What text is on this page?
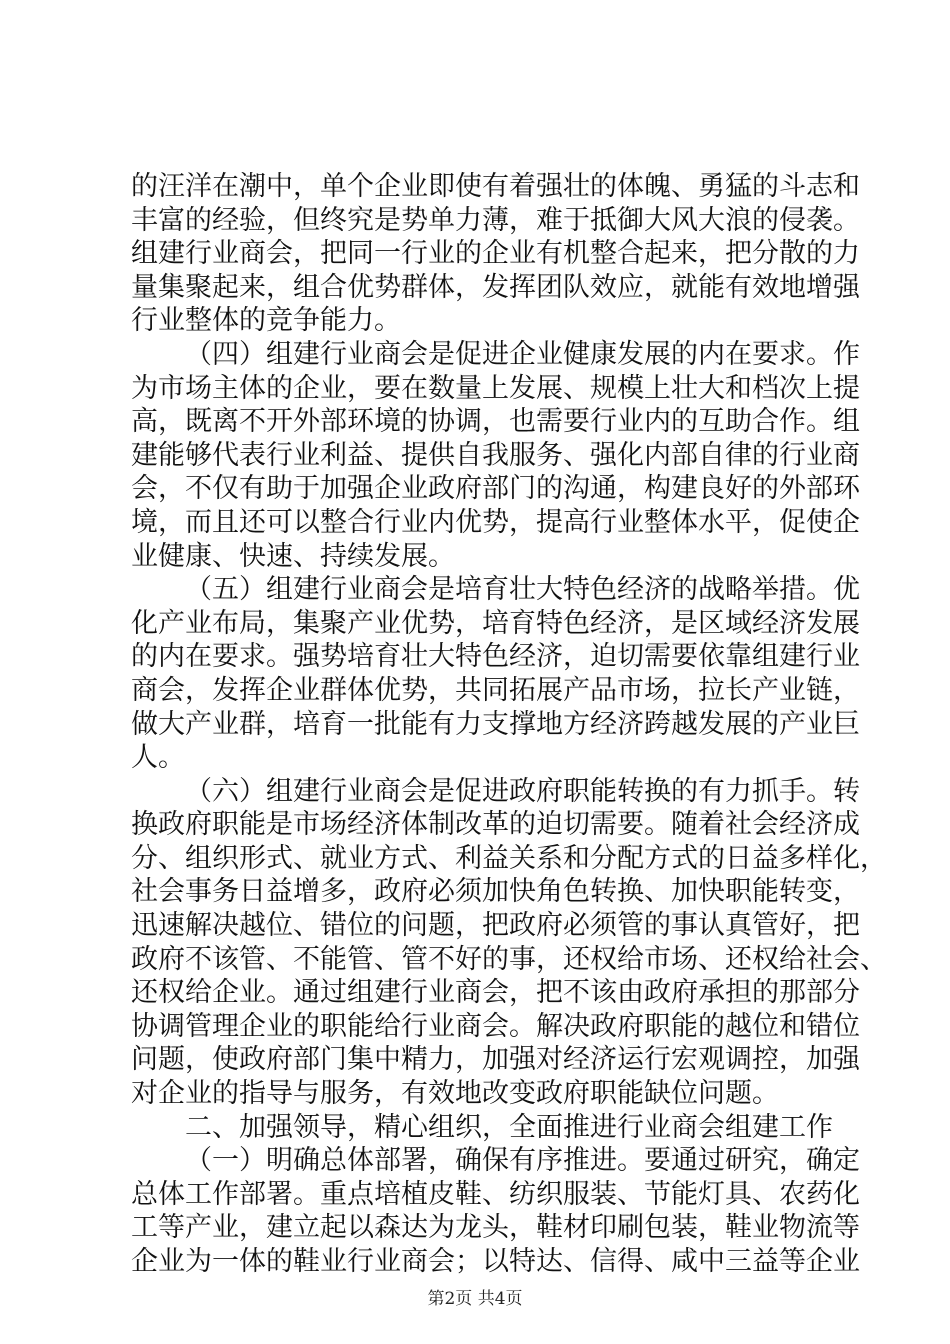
的汪洋在潮中，单个企业即使有着强壮的体魄、勇猛的斗志和
丰富的经验，但终究是势单力薄，难于抵御大风大浪的侵袭。
组建行业商会，把同一行业的企业有机整合起来，把分散的力
量集聚起来，组合优势群体，发挥团队效应，就能有效地增强
行业整体的竞争能力。
（四）组建行业商会是促进企业健康发展的内在要求。作
为市场主体的企业，要在数量上发展、规模上壮大和档次上提
高，既离不开外部环境的协调，也需要行业内的互助合作。组
建能够代表行业利益、提供自我服务、强化内部自律的行业商
会，不仅有助于加强企业政府部门的沟通，构建良好的外部环
境，而且还可以整合行业内优势，提高行业整体水平，促使企
业健康、快速、持续发展。
（五）组建行业商会是培育壮大特色经济的战略举措。优
化产业布局，集聚产业优势，培育特色经济，是区域经济发展
的内在要求。强势培育壮大特色经济，迫切需要依靠组建行业
商会，发挥企业群体优势，共同拓展产品市场，拉长产业链，
做大产业群，培育一批能有力支撑地方经济跨越发展的产业巨
人。
（六）组建行业商会是促进政府职能转换的有力抓手。转
换政府职能是市场经济体制改革的迫切需要。随着社会经济成
分、组织形式、就业方式、利益关系和分配方式的日益多样化，
社会事务日益增多，政府必须加快角色转换、加快职能转变，
迅速解决越位、错位的问题，把政府必须管的事认真管好，把
政府不该管、不能管、管不好的事，还权给市场、还权给社会、
还权给企业。通过组建行业商会，把不该由政府承担的那部分
协调管理企业的职能给行业商会。解决政府职能的越位和错位
问题，使政府部门集中精力，加强对经济运行宏观调控，加强
对企业的指导与服务，有效地改变政府职能缺位问题。
二、加强领导，精心组织，全面推进行业商会组建工作
（一）明确总体部署，确保有序推进。要通过研究，确定
总体工作部署。重点培植皮鞋、纺织服装、节能灯具、农药化
工等产业，建立起以森达为龙头，鞋材印刷包装，鞋业物流等
企业为一体的鞋业行业商会；以特达、信得、咸中三益等企业
第2页 共4页
